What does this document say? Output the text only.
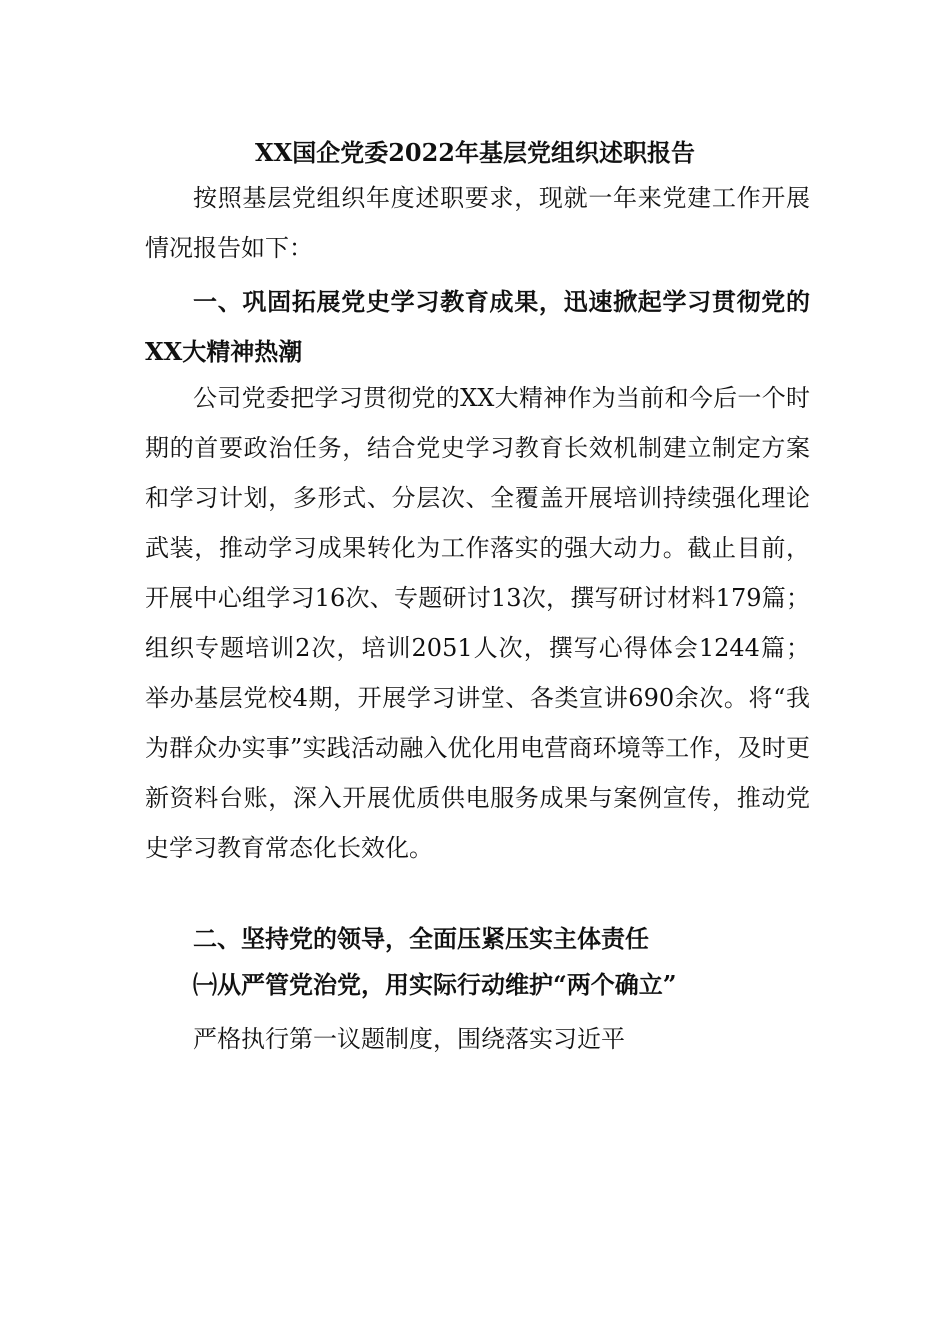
XX国企党委2022年基层党组织述职报告

按照基层党组织年度述职要求，现就一年来党建工作开展情况报告如下：

一、巩固拓展党史学习教育成果，迅速掀起学习贯彻党的XX大精神热潮

公司党委把学习贯彻党的XX大精神作为当前和今后一个时期的首要政治任务，结合党史学习教育长效机制建立制定方案和学习计划，多形式、分层次、全覆盖开展培训持续强化理论武装，推动学习成果转化为工作落实的强大动力。截止目前，开展中心组学习16次、专题研讨13次，撰写研讨材料179篇；组织专题培训2次，培训2051人次，撰写心得体会1244篇；举办基层党校4期，开展学习讲堂、各类宣讲690余次。将“我为群众办实事”实践活动融入优化用电营商环境等工作，及时更新资料台账，深入开展优质供电服务成果与案例宣传，推动党史学习教育常态化长效化。

二、坚持党的领导，全面压紧压实主体责任

㈠从严管党治党，用实际行动维护“两个确立”

严格执行第一议题制度，围绕落实习近平
